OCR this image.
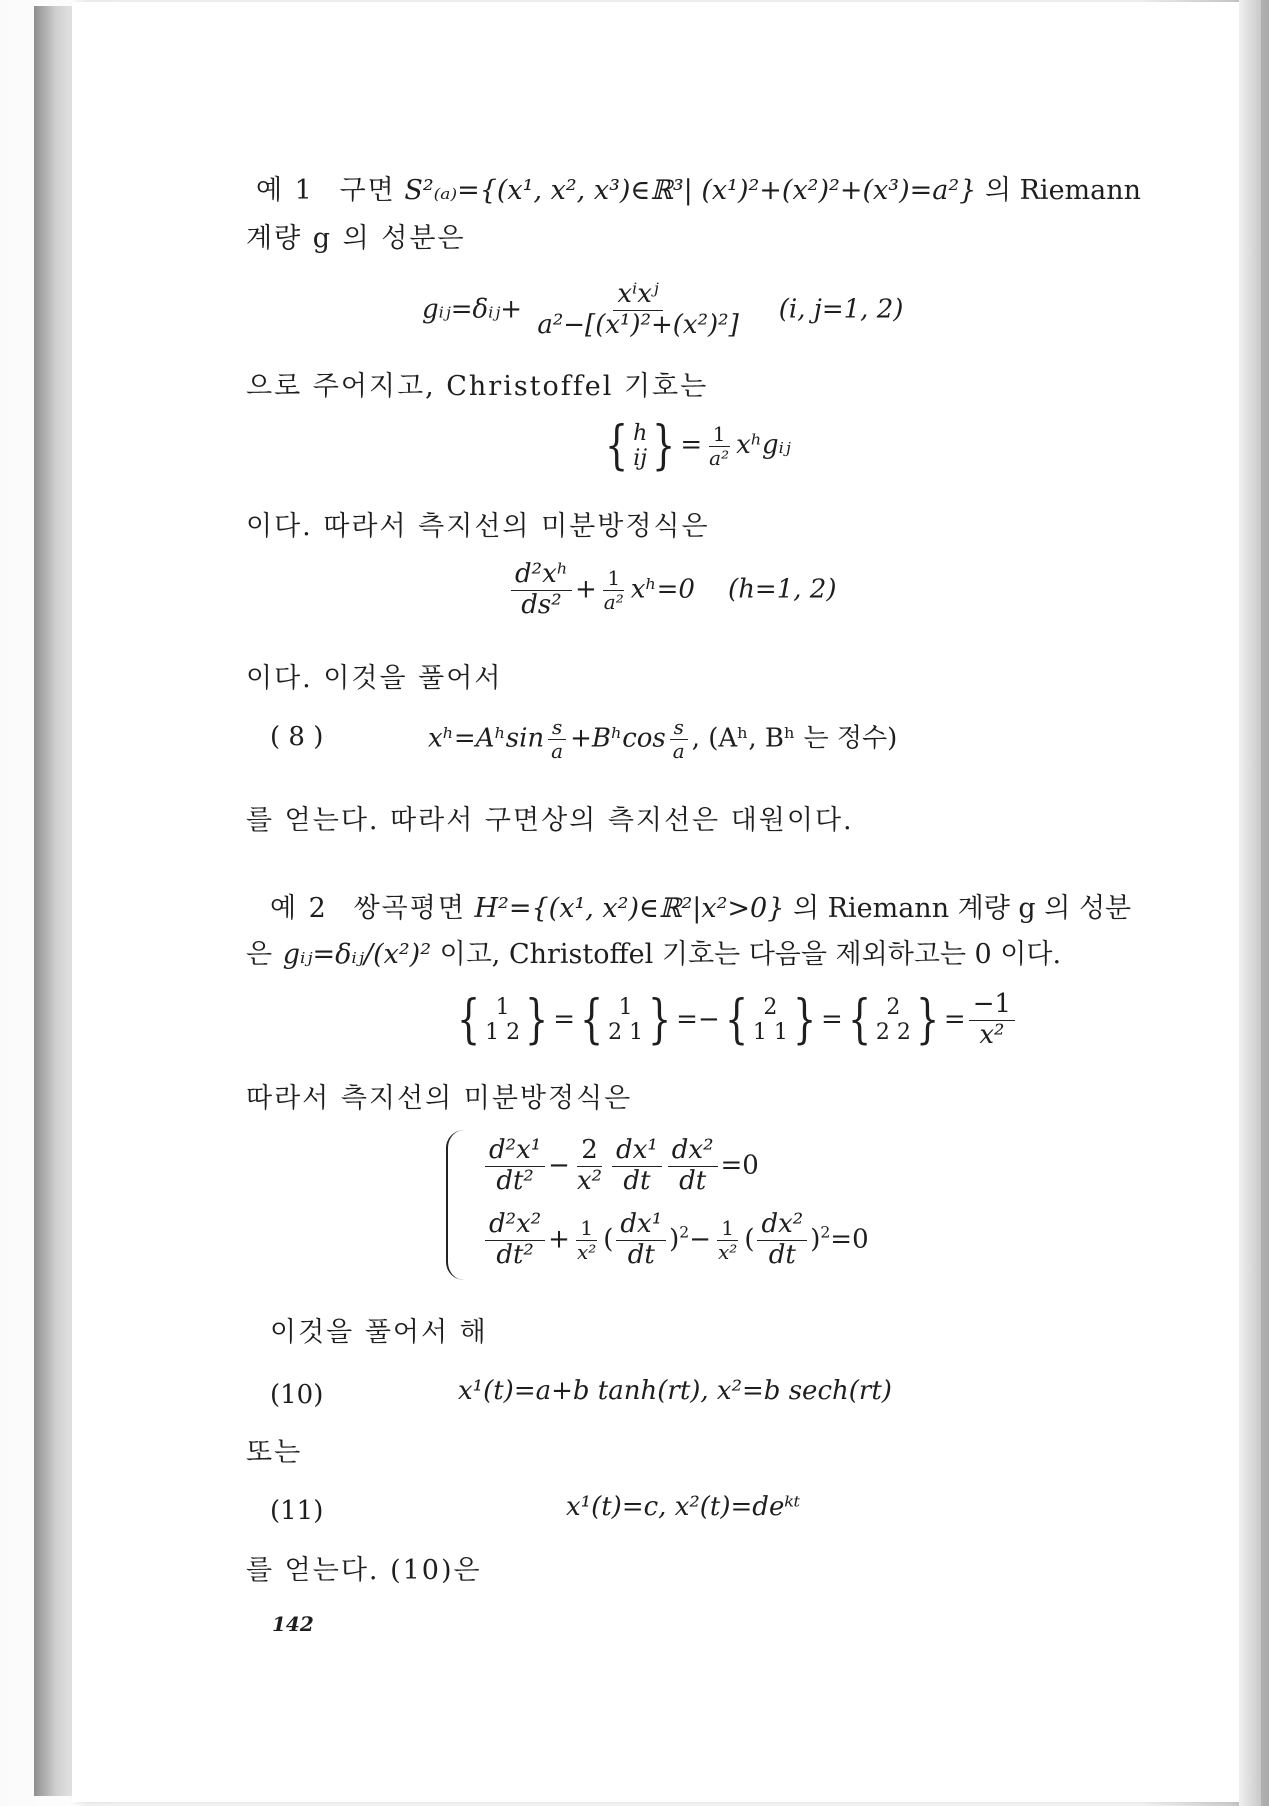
예 1 구면 S²₍ₐ₎={(x¹, x², x³)∈ℝ³| (x¹)²+(x²)²+(x³)=a²} 의 Riemann
계량 g 의 성분은
gᵢⱼ=δᵢⱼ+ $\frac{\text{xⁱxʲ}}{\text{a²−[(x¹)²+(x²)²]}} (i$, j=1, 2)
으로 주어지고, Christoffel 기호는
{ h
ij } = $\frac{1}{\text{a²}}$ xʰgᵢⱼ
이다. 따라서 측지선의 미분방정식은
$\frac{\text{d²xʰ}}{\text{ds²}} + \frac{1}{\text{a²}}$ xʰ=0 (h=1, 2)
이다. 이것을 풀어서
( 8 )	xʰ=Aʰsin $\frac{s}{a}$ +Bʰcos $\frac{s}{a}$ , (Aʰ, Bʰ 는 정수)
를 얻는다. 따라서 구면상의 측지선은 대원이다.
예 2 쌍곡평면 H²={(x¹, x²)∈ℝ²|x²>0} 의 Riemann 계량 g 의 성분
은 gᵢⱼ=δᵢⱼ/(x²)² 이고, Christoffel 기호는 다음을 제외하고는 0 이다.
{ 1
1 2 } ={ 1
2 1 } =−{ 2
1 1 } ={ 2
2 2 } = $\frac{-1}{\text{x²}}$
따라서 측지선의 미분방정식은
$\frac{\text{d²x¹}}{\text{dt²}} - \frac{2}{\text{x²}} \frac{\text{dx¹}}{dt} \frac{\text{dx²}}{dt} =0$
$\frac{\text{d²x²}}{\text{dt²}} + \frac{1}{\text{x²}}$ ( $\frac{\text{dx¹}}{dt} )^2- \frac{1}{\text{x²}}$ ( $\frac{\text{dx²}}{dt} )^2=0$
이것을 풀어서 해
(10)	x¹(t)=a+b tanh(rt), x²=b sech(rt)
또는
(11)	x¹(t)=c, x²(t)=deᵏᵗ
를 얻는다. (10)은
142
